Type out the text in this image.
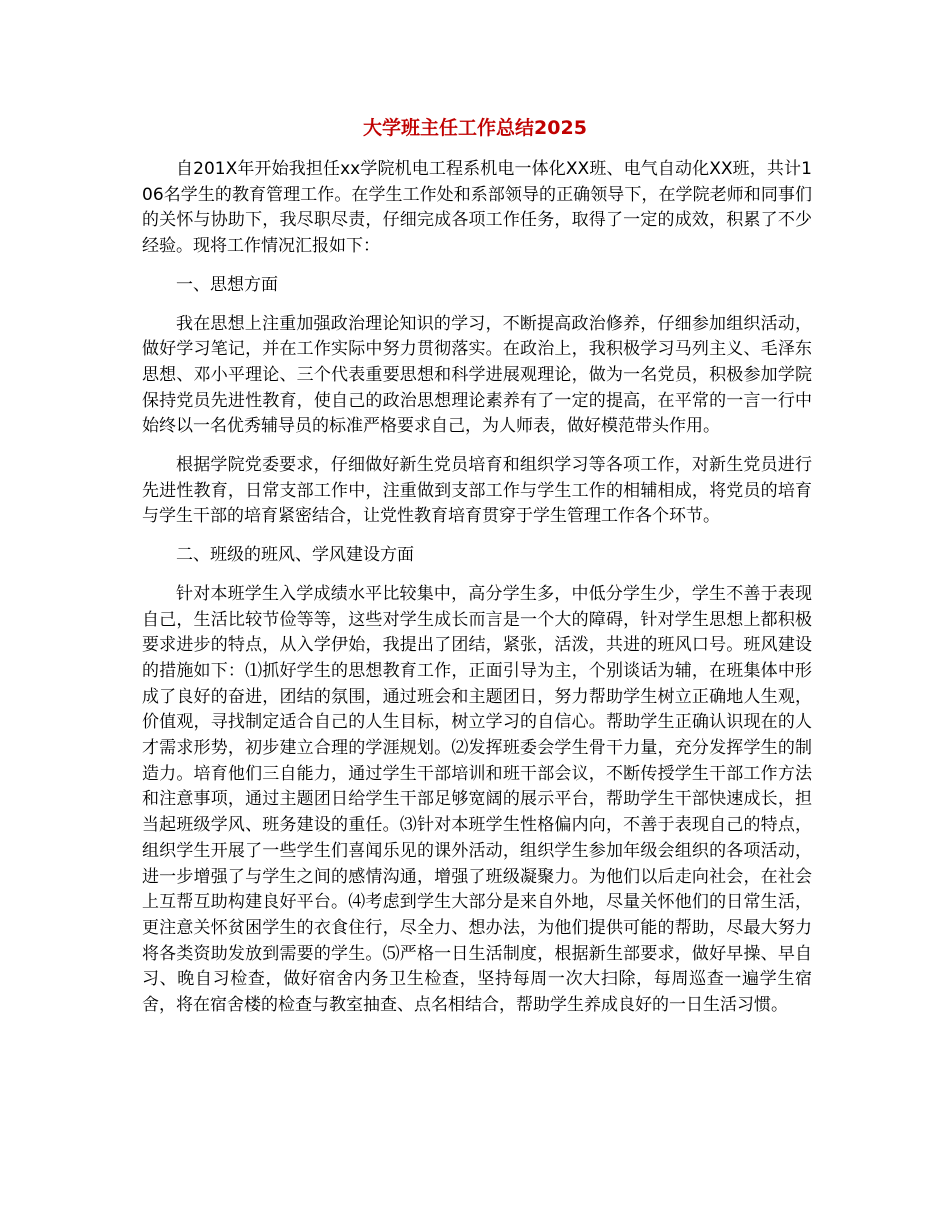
大学班主任工作总结2025

自201X年开始我担任xx学院机电工程系机电一体化XX班、电气自动化XX班，共计106名学生的教育管理工作。在学生工作处和系部领导的正确领导下，在学院老师和同事们的关怀与协助下，我尽职尽责，仔细完成各项工作任务，取得了一定的成效，积累了不少经验。现将工作情况汇报如下：

一、思想方面

我在思想上注重加强政治理论知识的学习，不断提高政治修养，仔细参加组织活动，做好学习笔记，并在工作实际中努力贯彻落实。在政治上，我积极学习马列主义、毛泽东思想、邓小平理论、三个代表重要思想和科学进展观理论，做为一名党员，积极参加学院保持党员先进性教育，使自己的政治思想理论素养有了一定的提高，在平常的一言一行中始终以一名优秀辅导员的标准严格要求自己，为人师表，做好模范带头作用。

根据学院党委要求，仔细做好新生党员培育和组织学习等各项工作，对新生党员进行先进性教育，日常支部工作中，注重做到支部工作与学生工作的相辅相成，将党员的培育与学生干部的培育紧密结合，让党性教育培育贯穿于学生管理工作各个环节。

二、班级的班风、学风建设方面

针对本班学生入学成绩水平比较集中，高分学生多，中低分学生少，学生不善于表现自己，生活比较节俭等等，这些对学生成长而言是一个大的障碍，针对学生思想上都积极要求进步的特点，从入学伊始，我提出了团结，紧张，活泼，共进的班风口号。班风建设的措施如下：⑴抓好学生的思想教育工作，正面引导为主，个别谈话为辅，在班集体中形成了良好的奋进，团结的氛围，通过班会和主题团日，努力帮助学生树立正确地人生观，价值观，寻找制定适合自己的人生目标，树立学习的自信心。帮助学生正确认识现在的人才需求形势，初步建立合理的学涯规划。⑵发挥班委会学生骨干力量，充分发挥学生的制造力。培育他们三自能力，通过学生干部培训和班干部会议，不断传授学生干部工作方法和注意事项，通过主题团日给学生干部足够宽阔的展示平台，帮助学生干部快速成长，担当起班级学风、班务建设的重任。⑶针对本班学生性格偏内向，不善于表现自己的特点，组织学生开展了一些学生们喜闻乐见的课外活动，组织学生参加年级会组织的各项活动，进一步增强了与学生之间的感情沟通，增强了班级凝聚力。为他们以后走向社会，在社会上互帮互助构建良好平台。⑷考虑到学生大部分是来自外地，尽量关怀他们的日常生活，更注意关怀贫困学生的衣食住行，尽全力、想办法，为他们提供可能的帮助，尽最大努力将各类资助发放到需要的学生。⑸严格一日生活制度，根据新生部要求，做好早操、早自习、晚自习检查，做好宿舍内务卫生检查，坚持每周一次大扫除，每周巡查一遍学生宿舍，将在宿舍楼的检查与教室抽查、点名相结合，帮助学生养成良好的一日生活习惯。
